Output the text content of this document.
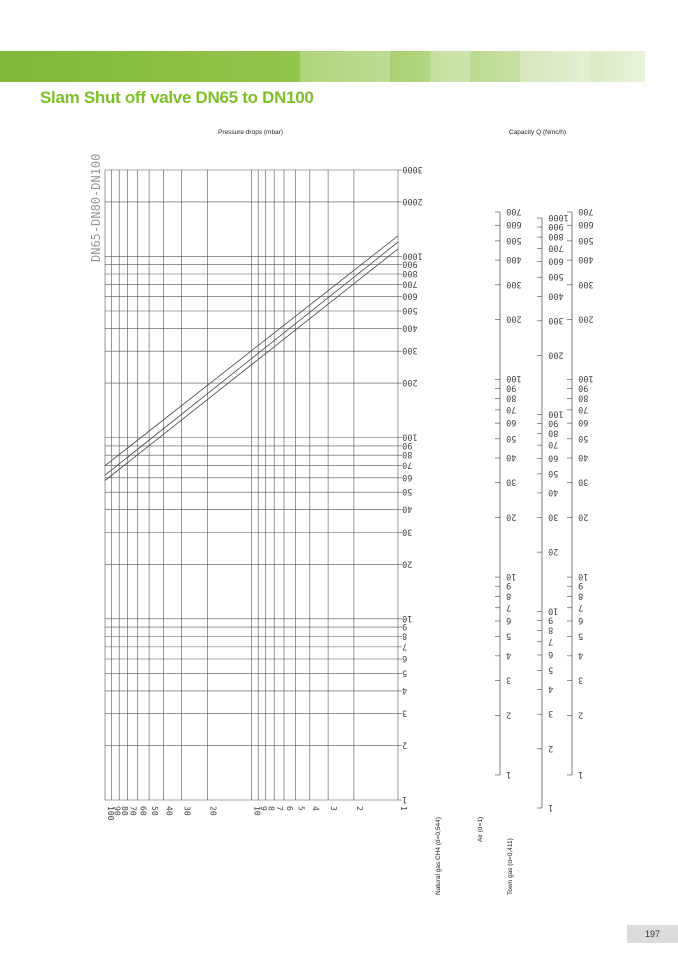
Slam Shut off valve DN65 to DN100
Pressure drops (mbar)	Capacity Q (Nmc/h)
1
2
3
4
5
6
7
8
9
10
20
30
40
50
60
70
80
90
100
1
2
3
4
5
6
7
8
9
10
20
30
40
50
60
70
80
90
100
200
300
400
500
600
700
800
900
1000
2000
3000
DN65-DN80-DN100
1
2
3
4
5
6
7
8
9
10
20
30
40
50
60
70
80
90
100
200
300
400
500
600
700
Natural gas CH4 (d=0,544)
1
2
3
4
5
6
7
8
9
10
20
30
40
50
60
70
80
90
100
200
300
400
500
600
700
800
900
1000
Air (d=1)
1
2
3
4
5
6
7
8
9
10
20
30
40
50
60
70
80
90
100
200
300
400
500
600
700
Town gas (d=0,411)
197
